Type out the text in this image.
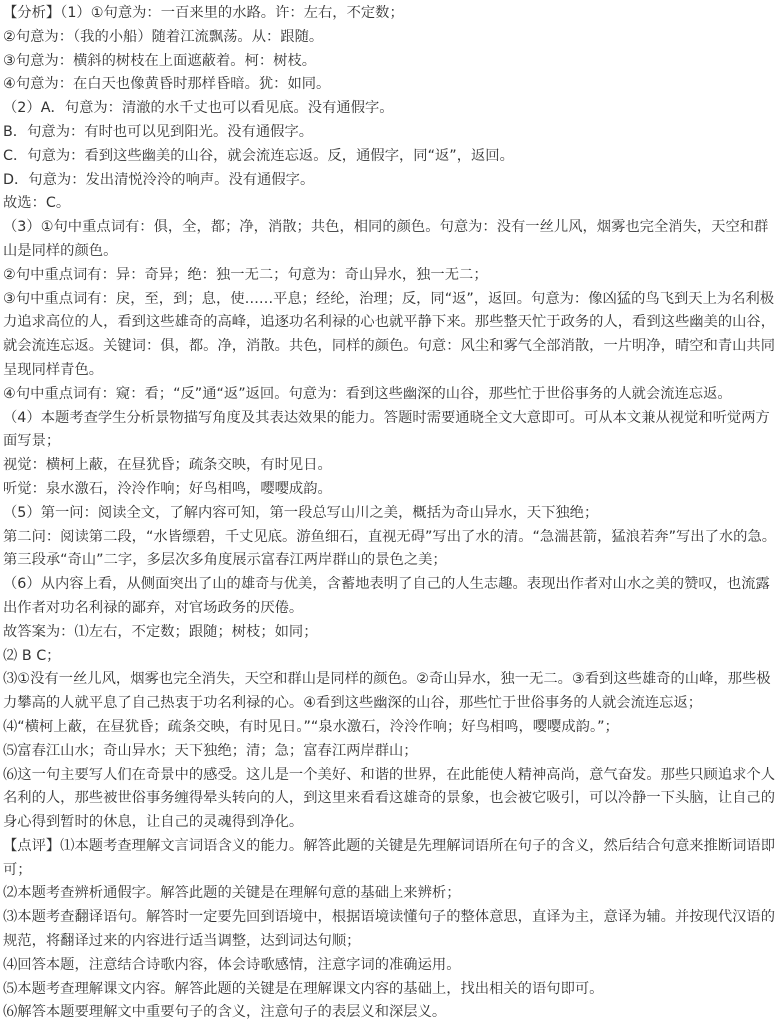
【分析】（1）①句意为：一百来里的水路。许：左右，不定数；

②句意为：（我的小船）随着江流飘荡。从：跟随。

③句意为：横斜的树枝在上面遮蔽着。柯：树枝。

④句意为：在白天也像黄昏时那样昏暗。犹：如同。

（2）A．句意为：清澈的水千丈也可以看见底。没有通假字。

B．句意为：有时也可以见到阳光。没有通假字。

C．句意为：看到这些幽美的山谷，就会流连忘返。反，通假字，同“返”，返回。

D．句意为：发出清悦泠泠的响声。没有通假字。

故选：C。

（3）①句中重点词有：俱，全，都；净，消散；共色，相同的颜色。句意为：没有一丝儿风，烟雾也完全消失，天空和群山是同样的颜色。

②句中重点词有：异：奇异；绝：独一无二；句意为：奇山异水，独一无二；

③句中重点词有：戾，至，到；息，使……平息；经纶，治理；反，同“返”，返回。句意为：像凶猛的鸟飞到天上为名利极力追求高位的人，看到这些雄奇的高峰，追逐功名利禄的心也就平静下来。那些整天忙于政务的人，看到这些幽美的山谷，就会流连忘返。关键词：俱，都。净，消散。共色，同样的颜色。句意：风尘和雾气全部消散，一片明净，晴空和青山共同呈现同样青色。

④句中重点词有：窥：看；“反”通“返”返回。句意为：看到这些幽深的山谷，那些忙于世俗事务的人就会流连忘返。

（4）本题考查学生分析景物描写角度及其表达效果的能力。答题时需要通晓全文大意即可。可从本文兼从视觉和听觉两方面写景；

视觉：横柯上蔽，在昼犹昏；疏条交映，有时见日。

听觉：泉水激石，泠泠作响；好鸟相鸣，嘤嘤成韵。

（5）第一问：阅读全文，了解内容可知，第一段总写山川之美，概括为奇山异水，天下独绝；

第二问：阅读第二段，“水皆缥碧，千丈见底。游鱼细石，直视无碍”写出了水的清。“急湍甚箭，猛浪若奔”写出了水的急。第三段承“奇山”二字，多层次多角度展示富春江两岸群山的景色之美；

（6）从内容上看，从侧面突出了山的雄奇与优美，含蓄地表明了自己的人生志趣。表现出作者对山水之美的赞叹，也流露出作者对功名利禄的鄙弃，对官场政务的厌倦。

故答案为：⑴左右，不定数；跟随；树枝；如同；

⑵ B C；

⑶①没有一丝儿风，烟雾也完全消失，天空和群山是同样的颜色。②奇山异水，独一无二。③看到这些雄奇的山峰，那些极力攀高的人就平息了自己热衷于功名利禄的心。④看到这些幽深的山谷，那些忙于世俗事务的人就会流连忘返；

⑷“横柯上蔽，在昼犹昏；疏条交映，有时见日。”“泉水激石，泠泠作响；好鸟相鸣，嘤嘤成韵。”；

⑸富春江山水；奇山异水；天下独绝；清；急；富春江两岸群山；

⑹这一句主要写人们在奇景中的感受。这儿是一个美好、和谐的世界，在此能使人精神高尚，意气奋发。那些只顾追求个人名利的人，那些被世俗事务缠得晕头转向的人，到这里来看看这雄奇的景象，也会被它吸引，可以冷静一下头脑，让自己的身心得到暂时的休息，让自己的灵魂得到净化。

【点评】⑴本题考查理解文言词语含义的能力。解答此题的关键是先理解词语所在句子的含义，然后结合句意来推断词语即可；

⑵本题考查辨析通假字。解答此题的关键是在理解句意的基础上来辨析；

⑶本题考查翻译语句。解答时一定要先回到语境中，根据语境读懂句子的整体意思，直译为主，意译为辅。并按现代汉语的规范，将翻译过来的内容进行适当调整，达到词达句顺；

⑷回答本题，注意结合诗歌内容，体会诗歌感情，注意字词的准确运用。

⑸本题考查理解课文内容。解答此题的关键是在理解课文内容的基础上，找出相关的语句即可。

⑹解答本题要理解文中重要句子的含义，注意句子的表层义和深层义。
